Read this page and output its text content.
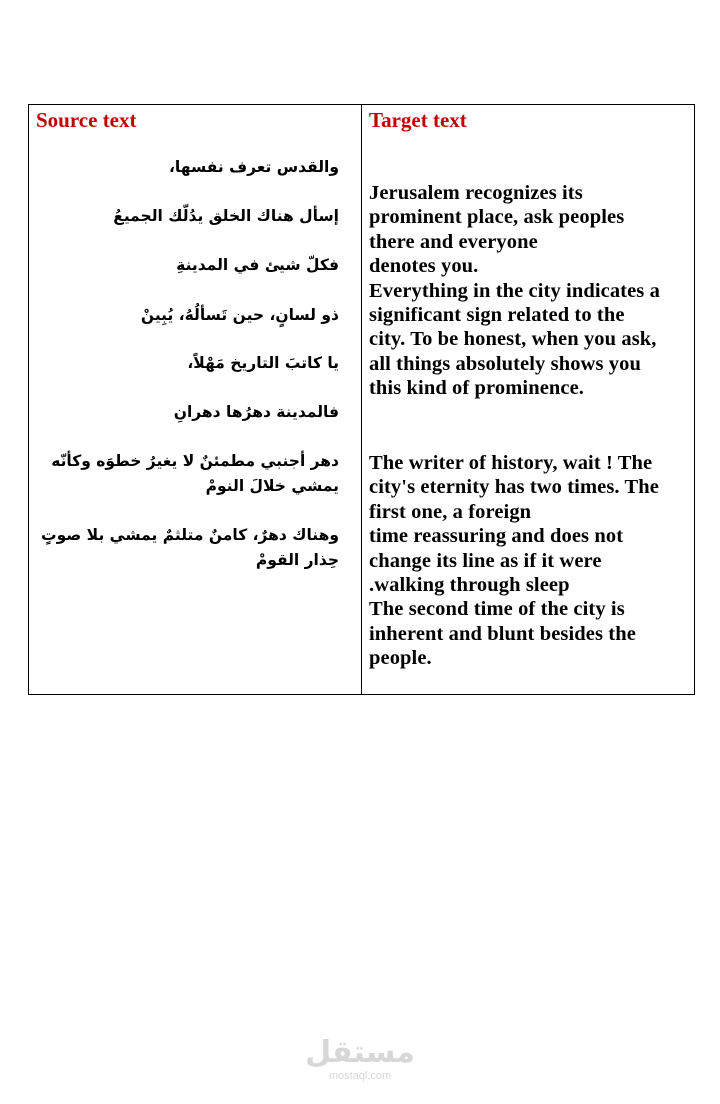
Source text
والقدس تعرف نفسها،
إسأل هناك الخلق يدُلّك الجميعُ
فكلّ شيئ في المدينةِ
ذو لسانٍ، حين تَسألُهُ، يُبِينْ
يا كاتبَ التاريخ مَهْلاً،
فالمدينة دهرُها دهرانِ
دهر أجنبي مطمئنٌ لا يغيرُ خطوَه وكأنّه يمشي خلالَ النومْ
وهناك دهرٌ، كامنٌ متلثمٌ يمشي بلا صوتٍ حِذار القومْ
Target text
Jerusalem recognizes its
prominent place, ask peoples
there and everyone
denotes you.
Everything in the city indicates a
significant sign related to the
city. To be honest, when you ask,
all things absolutely shows you
this kind of prominence.
The writer of history, wait ! The
city's eternity has two times. The
first one, a foreign
time reassuring and does not
change its line as if it were
.walking through sleep
The second time of the city is
inherent and blunt besides the
people.
مستقل
mostaql.com
